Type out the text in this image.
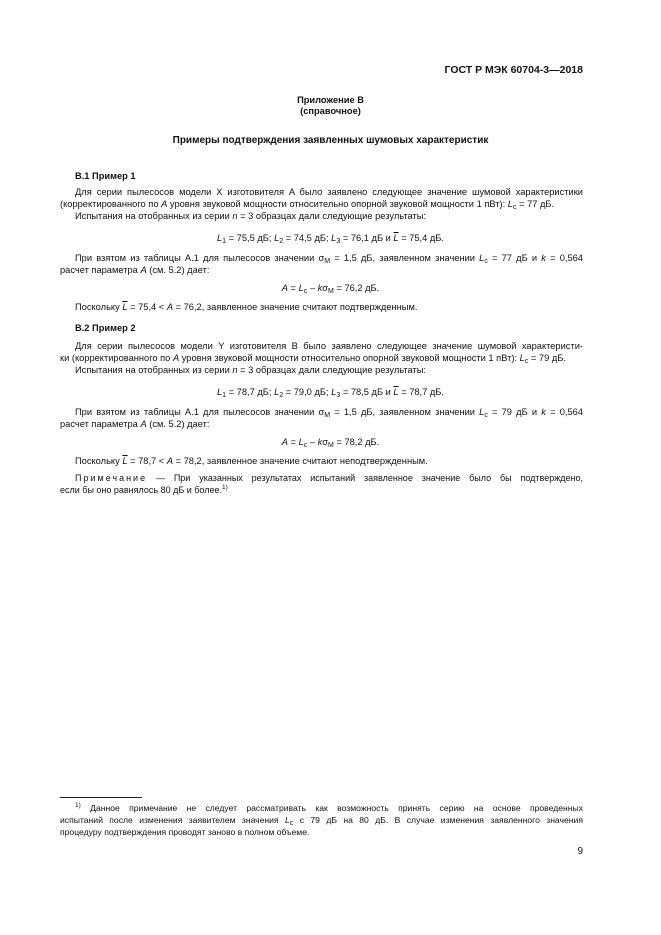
ГОСТ Р МЭК 60704-3—2018
Приложение В
(справочное)
Примеры подтверждения заявленных шумовых характеристик
В.1 Пример 1
Для серии пылесосов модели X изготовителя A было заявлено следующее значение шумовой характеристики
(корректированного по A уровня звуковой мощности относительно опорной звуковой мощности 1 пВт): $L_c = 77$ дБ.
Испытания на отобранных из серии n = 3 образцах дали следующие результаты:
$L_1 = 75,5$ дБ; $L_2 = 74,5$ дБ; $L_3 = 76,1$ дБ и $\overline{L} = 75,4$ дБ.
При взятом из таблицы A.1 для пылесосов значении $\sigma_M = 1,5$ дБ, заявленном значении $L_c = 77$ дБ и k = 0,564
расчет параметра A (см. 5.2) дает:
$A = L_c - k\sigma_M = 76,2$ дБ.
Поскольку $\overline{L} = 75,4 < A = 76,2$, заявленное значение считают подтвержденным.
В.2 Пример 2
Для серии пылесосов модели Y изготовителя B было заявлено следующее значение шумовой характеристи-
ки (корректированного по A уровня звуковой мощности относительно опорной звуковой мощности 1 пВт): $L_c = 79$ дБ.
Испытания на отобранных из серии n = 3 образцах дали следующие результаты:
$L_1 = 78,7$ дБ; $L_2 = 79,0$ дБ; $L_3 = 78,5$ дБ и $\overline{L} = 78,7$ дБ.
При взятом из таблицы A.1 для пылесосов значении $\sigma_M = 1,5$ дБ, заявленном значении $L_c = 79$ дБ и k = 0,564
расчет параметра A (см. 5.2) дает:
$A = L_c - k\sigma_M = 78,2$ дБ.
Поскольку $\overline{L} = 78,7 < A = 78,2$, заявленное значение считают неподтвержденным.
Примечание — При указанных результатах испытаний заявленное значение было бы подтверждено,
если бы оно равнялось 80 дБ и более.$^{1)}$
$^{1)}$ Данное примечание не следует рассматривать как возможность принять серию на основе проведенных
испытаний после изменения заявителем значения $L_c$ с 79 дБ на 80 дБ. В случае изменения заявленного значения
процедуру подтверждения проводят заново в полном объеме.
9
